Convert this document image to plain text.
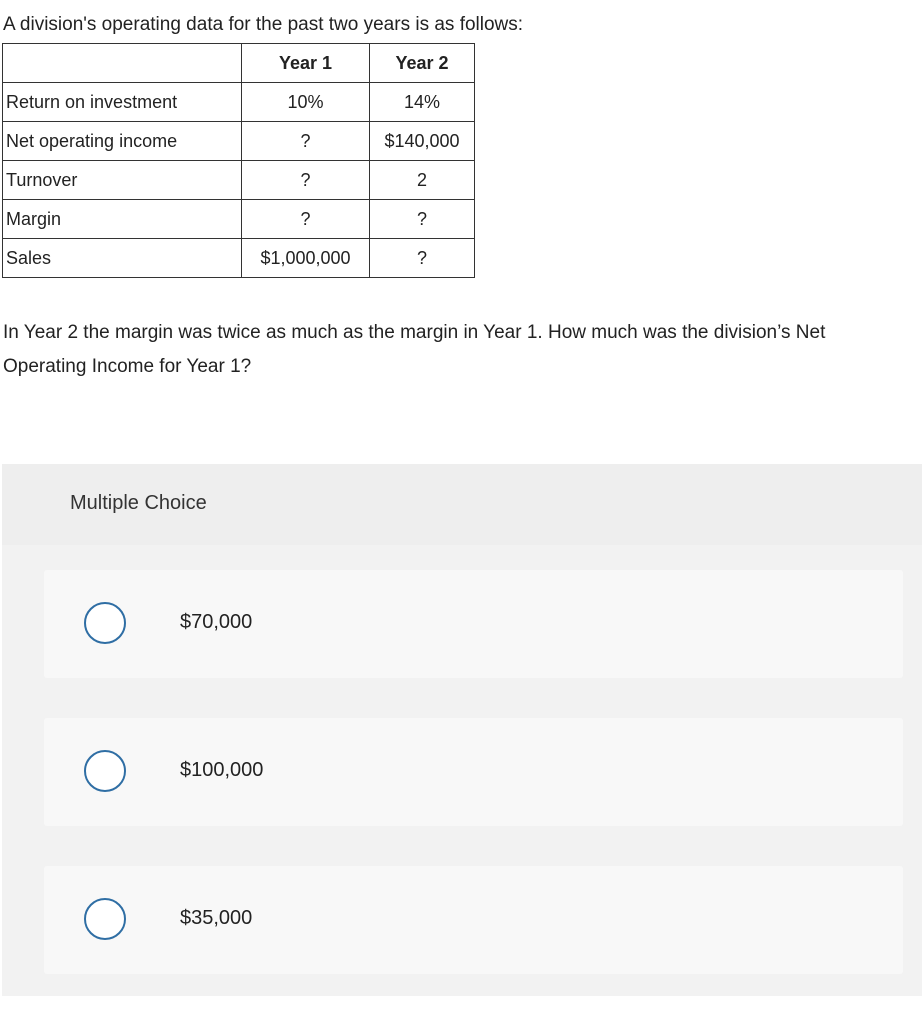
A division's operating data for the past two years is as follows:

	Year 1	Year 2
Return on investment	10%	14%
Net operating income	?	$140,000
Turnover	?	2
Margin	?	?
Sales	$1,000,000	?

In Year 2 the margin was twice as much as the margin in Year 1. How much was the division’s Net Operating Income for Year 1?

Multiple Choice
$70,000
$100,000
$35,000
